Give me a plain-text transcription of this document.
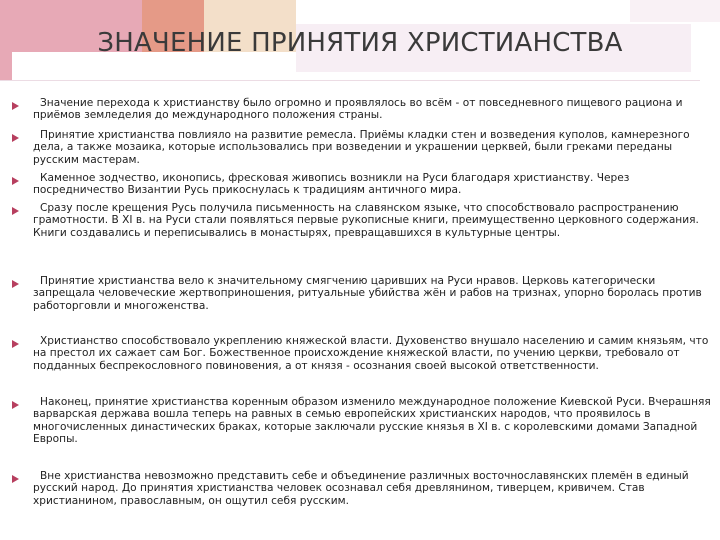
ЗНАЧЕНИЕ ПРИНЯТИЯ ХРИСТИАНСТВА

Значение перехода к христианству было огромно и проявлялось во всём - от повседневного пищевого рациона и приёмов земледелия до международного положения страны.

Принятие христианства повлияло на развитие ремесла. Приёмы кладки стен и возведения куполов, камнерезного дела, а также мозаика, которые использовались при возведении и украшении церквей, были греками переданы русским мастерам.

Каменное зодчество, иконопись, фресковая живопись возникли на Руси благодаря христианству. Через посредничество Византии Русь прикоснулась к традициям античного мира.

Сразу после крещения Русь получила письменность на славянском языке, что способствовало распространению грамотности. В XI в. на Руси стали появляться первые рукописные книги, преимущественно церковного содержания. Книги создавались и переписывались в монастырях, превращавшихся в культурные центры.

Принятие христианства вело к значительному смягчению царивших на Руси нравов. Церковь категорически запрещала человеческие жертвоприношения, ритуальные убийства жён и рабов на тризнах, упорно боролась против работорговли и многоженства.

Христианство способствовало укреплению княжеской власти. Духовенство внушало населению и самим князьям, что на престол их сажает сам Бог. Божественное происхождение княжеской власти, по учению церкви, требовало от подданных беспрекословного повиновения, а от князя - осознания своей высокой ответственности.

Наконец, принятие христианства коренным образом изменило международное положение Киевской Руси. Вчерашняя варварская держава вошла теперь на равных в семью европейских христианских народов, что проявилось в многочисленных династических браках, которые заключали русские князья в XI в. с королевскими домами Западной Европы.

Вне христианства невозможно представить себе и объединение различных восточнославянских племён в единый русский народ. До принятия христианства человек осознавал себя древлянином, тиверцем, кривичем. Став христианином, православным, он ощутил себя русским.
